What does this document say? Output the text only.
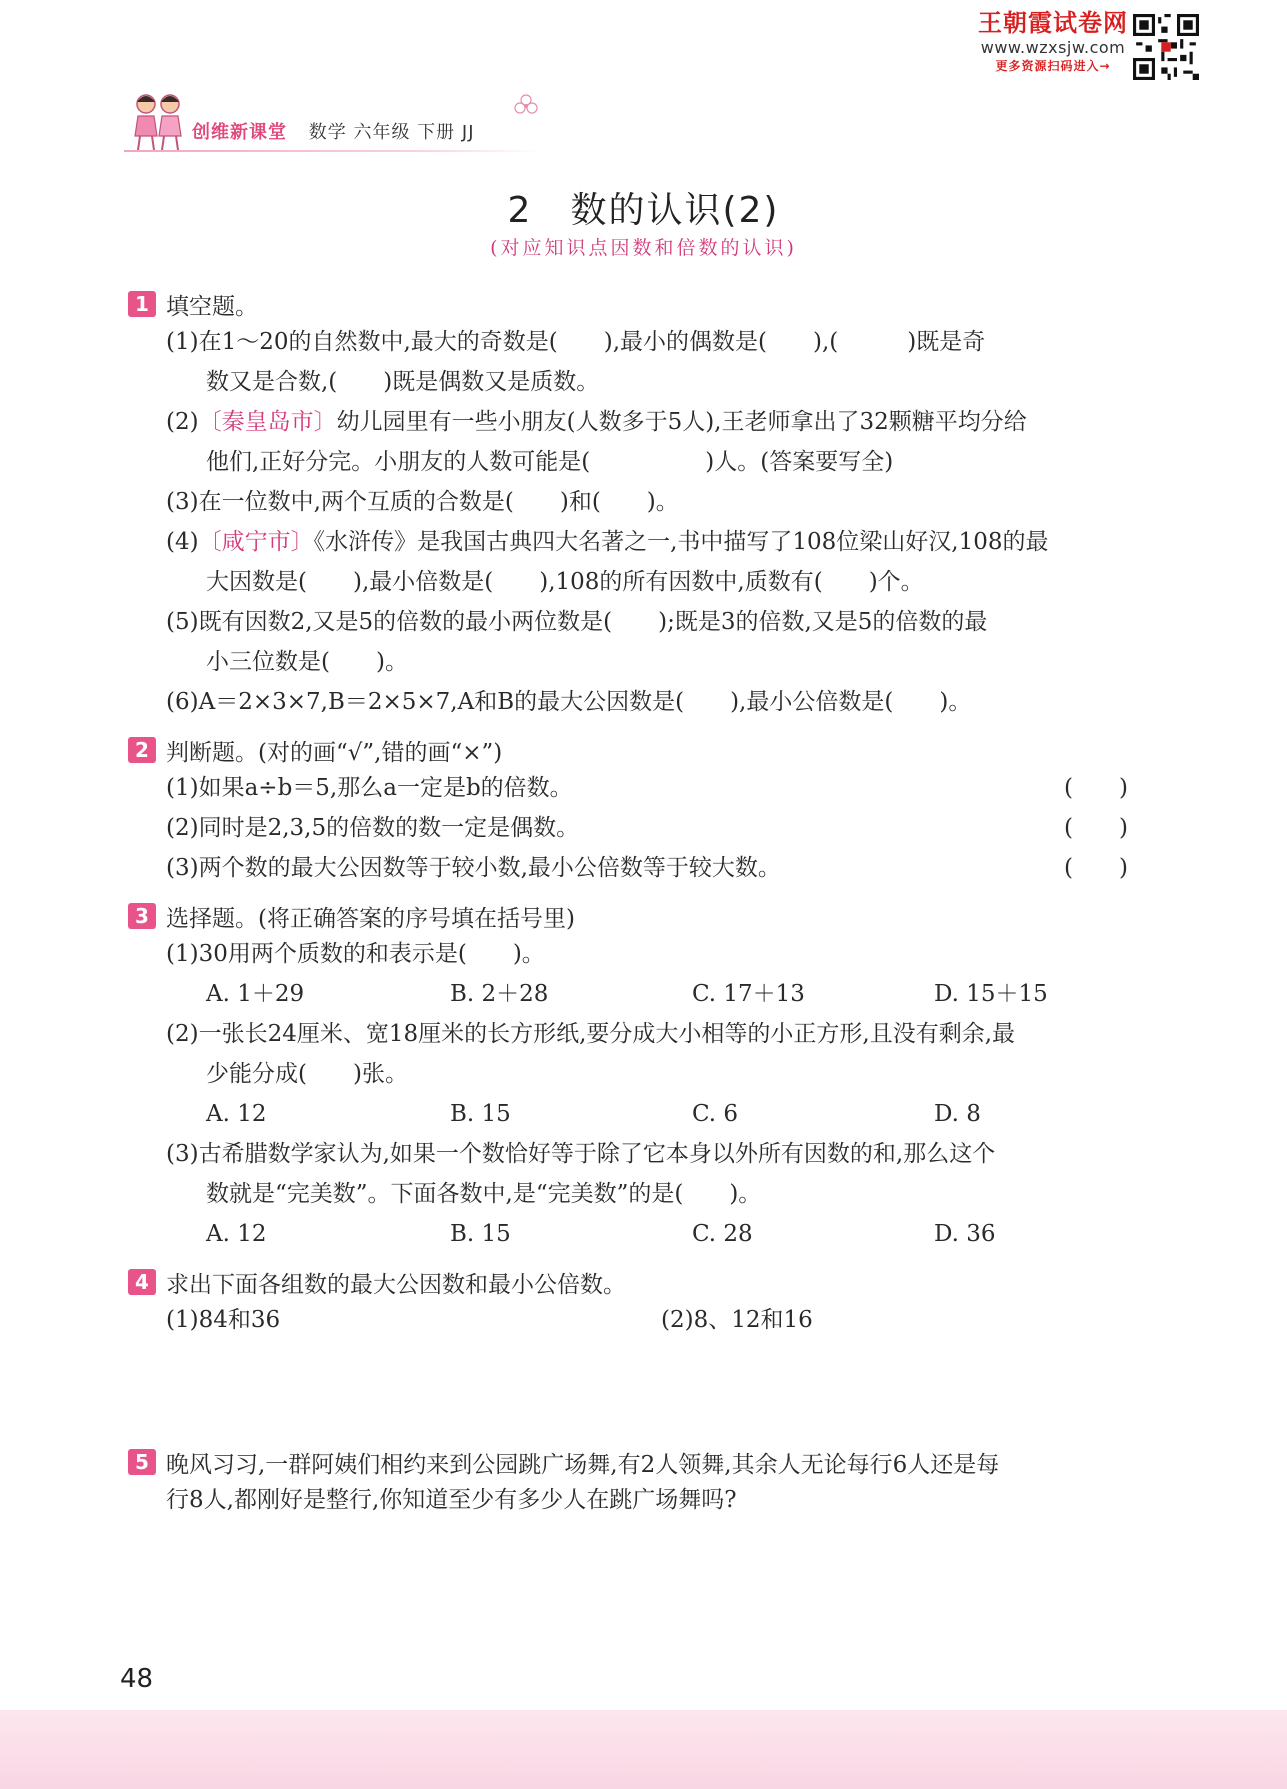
王朝霞试卷网
www.wzxsjw.com
更多资源扫码进入→
创维新课堂 数学 六年级 下册 JJ
2　数的认识(2)
(对应知识点因数和倍数的认识)
1 填空题。
(1)在1～20的自然数中,最大的奇数是(　　),最小的偶数是(　　),(　　　)既是奇
数又是合数,(　　)既是偶数又是质数。
(2)〔秦皇岛市〕幼儿园里有一些小朋友(人数多于5人),王老师拿出了32颗糖平均分给
他们,正好分完。小朋友的人数可能是(　　　　　)人。(答案要写全)
(3)在一位数中,两个互质的合数是(　　)和(　　)。
(4)〔咸宁市〕《水浒传》是我国古典四大名著之一,书中描写了108位梁山好汉,108的最
大因数是(　　),最小倍数是(　　),108的所有因数中,质数有(　　)个。
(5)既有因数2,又是5的倍数的最小两位数是(　　);既是3的倍数,又是5的倍数的最
小三位数是(　　)。
(6)A＝2×3×7,B＝2×5×7,A和B的最大公因数是(　　),最小公倍数是(　　)。
2 判断题。(对的画“√”,错的画“×”)
(1)如果a÷b＝5,那么a一定是b的倍数。	(　　)
(2)同时是2,3,5的倍数的数一定是偶数。	(　　)
(3)两个数的最大公因数等于较小数,最小公倍数等于较大数。	(　　)
3 选择题。(将正确答案的序号填在括号里)
(1)30用两个质数的和表示是(　　)。
A. 1＋29	B. 2＋28	C. 17＋13	D. 15＋15
(2)一张长24厘米、宽18厘米的长方形纸,要分成大小相等的小正方形,且没有剩余,最
少能分成(　　)张。
A. 12	B. 15	C. 6	D. 8
(3)古希腊数学家认为,如果一个数恰好等于除了它本身以外所有因数的和,那么这个
数就是“完美数”。下面各数中,是“完美数”的是(　　)。
A. 12	B. 15	C. 28	D. 36
4 求出下面各组数的最大公因数和最小公倍数。
(1)84和36	(2)8、12和16
5 晚风习习,一群阿姨们相约来到公园跳广场舞,有2人领舞,其余人无论每行6人还是每
行8人,都刚好是整行,你知道至少有多少人在跳广场舞吗?
48
